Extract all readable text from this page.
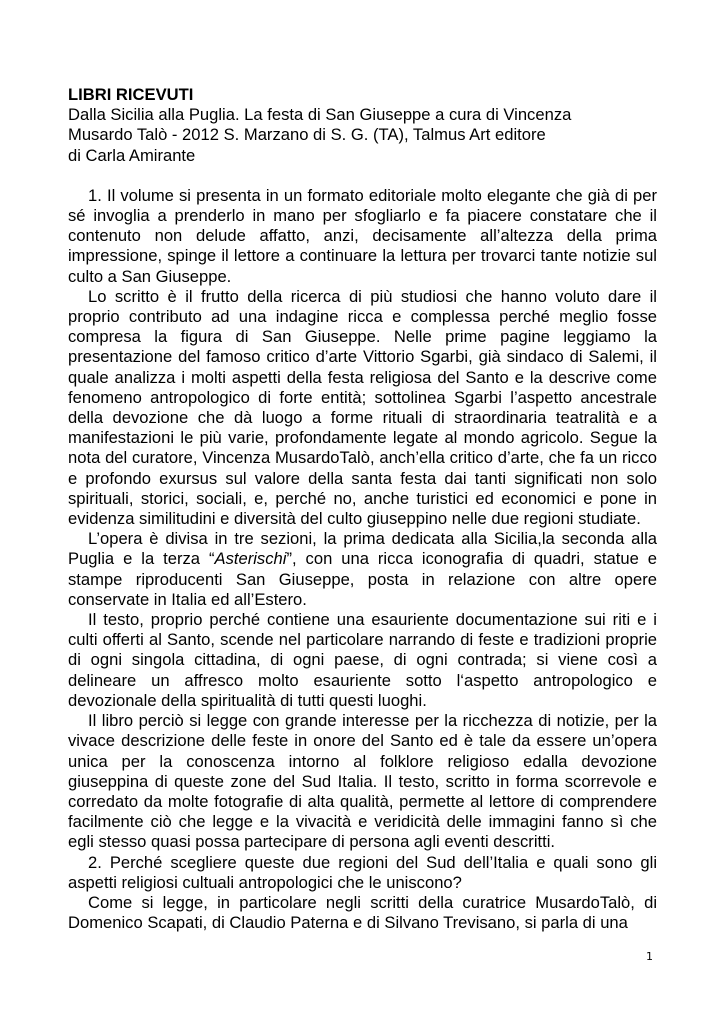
LIBRI RICEVUTI
Dalla Sicilia alla Puglia. La festa di San Giuseppe a cura di Vincenza
Musardo Talò - 2012 S. Marzano di S. G. (TA), Talmus Art editore
di Carla Amirante

1. Il volume si presenta in un formato editoriale molto elegante che già di per sé invoglia a prenderlo in mano per sfogliarlo e fa piacere constatare che il contenuto non delude affatto, anzi, decisamente all’altezza della prima impressione, spinge il lettore a continuare la lettura per trovarci tante notizie sul culto a San Giuseppe.

Lo scritto è il frutto della ricerca di più studiosi che hanno voluto dare il proprio contributo ad una indagine ricca e complessa perché meglio fosse compresa la figura di San Giuseppe. Nelle prime pagine leggiamo la presentazione del famoso critico d’arte Vittorio Sgarbi, già sindaco di Salemi, il quale analizza i molti aspetti della festa religiosa del Santo e la descrive come fenomeno antropologico di forte entità; sottolinea Sgarbi l’aspetto ancestrale della devozione che dà luogo a forme rituali di straordinaria teatralità e a manifestazioni le più varie, profondamente legate al mondo agricolo. Segue la nota del curatore, Vincenza MusardoTalò, anch’ella critico d’arte, che fa un ricco e profondo exursus sul valore della santa festa dai tanti significati non solo spirituali, storici, sociali, e, perché no, anche turistici ed economici e pone in evidenza similitudini e diversità del culto giuseppino nelle due regioni studiate.

L’opera è divisa in tre sezioni, la prima dedicata alla Sicilia,la seconda alla Puglia e la terza “Asterischi”, con una ricca iconografia di quadri, statue e stampe riproducenti San Giuseppe, posta in relazione con altre opere conservate in Italia ed all’Estero.

Il testo, proprio perché contiene una esauriente documentazione sui riti e i culti offerti al Santo, scende nel particolare narrando di feste e tradizioni proprie di ogni singola cittadina, di ogni paese, di ogni contrada; si viene così a delineare un affresco molto esauriente sotto l‘aspetto antropologico e devozionale della spiritualità di tutti questi luoghi.

Il libro perciò si legge con grande interesse per la ricchezza di notizie, per la vivace descrizione delle feste in onore del Santo ed è tale da essere un’opera unica per la conoscenza intorno al folklore religioso edalla devozione giuseppina di queste zone del Sud Italia. Il testo, scritto in forma scorrevole e corredato da molte fotografie di alta qualità, permette al lettore di comprendere facilmente ciò che legge e la vivacità e veridicità delle immagini fanno sì che egli stesso quasi possa partecipare di persona agli eventi descritti.

2. Perché scegliere queste due regioni del Sud dell’Italia e quali sono gli aspetti religiosi cultuali antropologici che le uniscono?

Come si legge, in particolare negli scritti della curatrice MusardoTalò, di Domenico Scapati, di Claudio Paterna e di Silvano Trevisano, si parla di una

1
